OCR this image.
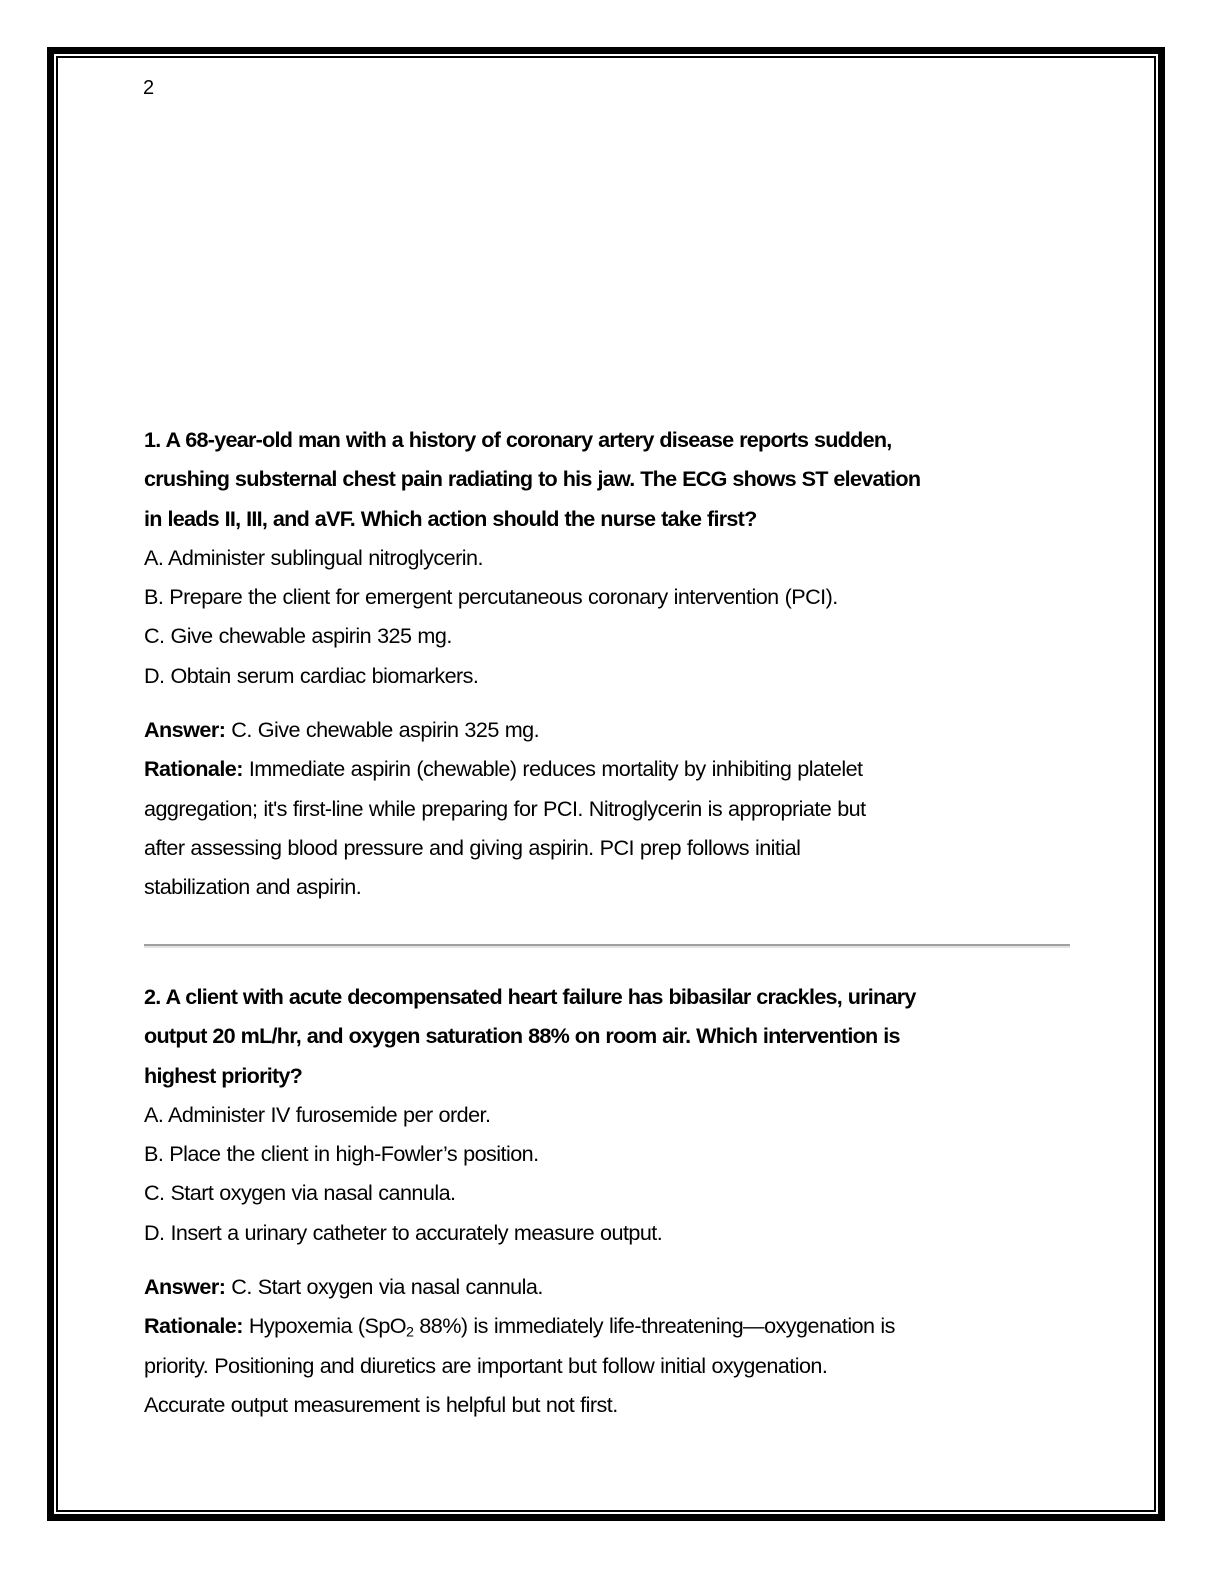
2
1. A 68-year-old man with a history of coronary artery disease reports sudden,
crushing substernal chest pain radiating to his jaw. The ECG shows ST elevation
in leads II, III, and aVF. Which action should the nurse take first?
A. Administer sublingual nitroglycerin.
B. Prepare the client for emergent percutaneous coronary intervention (PCI).
C. Give chewable aspirin 325 mg.
D. Obtain serum cardiac biomarkers.
Answer: C. Give chewable aspirin 325 mg.
Rationale: Immediate aspirin (chewable) reduces mortality by inhibiting platelet
aggregation; it's first-line while preparing for PCI. Nitroglycerin is appropriate but
after assessing blood pressure and giving aspirin. PCI prep follows initial
stabilization and aspirin.
2. A client with acute decompensated heart failure has bibasilar crackles, urinary
output 20 mL/hr, and oxygen saturation 88% on room air. Which intervention is
highest priority?
A. Administer IV furosemide per order.
B. Place the client in high-Fowler’s position.
C. Start oxygen via nasal cannula.
D. Insert a urinary catheter to accurately measure output.
Answer: C. Start oxygen via nasal cannula.
Rationale: Hypoxemia (SpO$_2$ 88%) is immediately life-threatening—oxygenation is
priority. Positioning and diuretics are important but follow initial oxygenation.
Accurate output measurement is helpful but not first.
